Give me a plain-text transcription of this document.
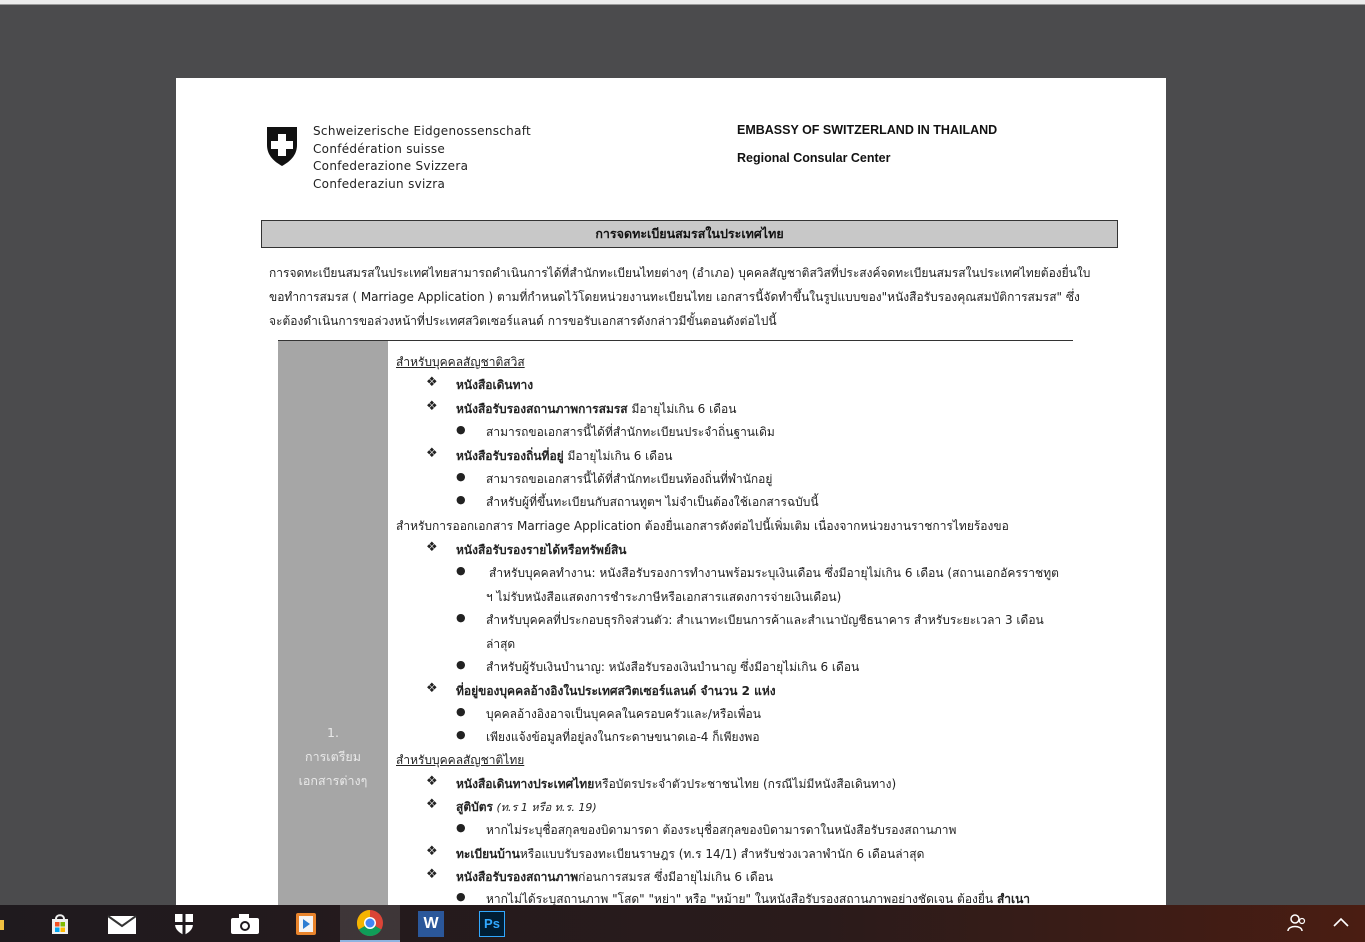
Schweizerische Eidgenossenschaft
Confédération suisse
Confederazione Svizzera
Confederaziun svizra
EMBASSY OF SWITZERLAND IN THAILAND
Regional Consular Center
การจดทะเบียนสมรสในประเทศไทย
การจดทะเบียนสมรสในประเทศไทยสามารถดำเนินการได้ที่สำนักทะเบียนไทยต่างๆ (อำเภอ) บุคคลสัญชาติสวิสที่ประสงค์จดทะเบียนสมรสในประเทศไทยต้องยื่นใบ
ขอทำการสมรส ( Marriage Application ) ตามที่กำหนดไว้โดยหน่วยงานทะเบียนไทย เอกสารนี้จัดทำขึ้นในรูปแบบของ"หนังสือรับรองคุณสมบัติการสมรส" ซึ่ง
จะต้องดำเนินการขอล่วงหน้าที่ประเทศสวิตเซอร์แลนด์ การขอรับเอกสารดังกล่าวมีขั้นตอนดังต่อไปนี้
1.
การเตรียม
เอกสารต่างๆ
สำหรับบุคคลสัญชาติสวิส
❖ หนังสือเดินทาง
❖ หนังสือรับรองสถานภาพการสมรส มีอายุไม่เกิน 6 เดือน
● สามารถขอเอกสารนี้ได้ที่สำนักทะเบียนประจำถิ่นฐานเดิม
❖ หนังสือรับรองถิ่นที่อยู่ มีอายุไม่เกิน 6 เดือน
● สามารถขอเอกสารนี้ได้ที่สำนักทะเบียนท้องถิ่นที่พำนักอยู่
● สำหรับผู้ที่ขึ้นทะเบียนกับสถานทูตฯ ไม่จำเป็นต้องใช้เอกสารฉบับนี้
สำหรับการออกเอกสาร Marriage Application ต้องยื่นเอกสารดังต่อไปนี้เพิ่มเติม เนื่องจากหน่วยงานราชการไทยร้องขอ
❖ หนังสือรับรองรายได้หรือทรัพย์สิน
● สำหรับบุคคลทำงาน: หนังสือรับรองการทำงานพร้อมระบุเงินเดือน ซึ่งมีอายุไม่เกิน 6 เดือน (สถานเอกอัครราชทูต
ฯ ไม่รับหนังสือแสดงการชำระภาษีหรือเอกสารแสดงการจ่ายเงินเดือน)
● สำหรับบุคคลที่ประกอบธุรกิจส่วนตัว: สำเนาทะเบียนการค้าและสำเนาบัญชีธนาคาร สำหรับระยะเวลา 3 เดือน
ล่าสุด
● สำหรับผู้รับเงินบำนาญ: หนังสือรับรองเงินบำนาญ ซึ่งมีอายุไม่เกิน 6 เดือน
❖ ที่อยู่ของบุคคลอ้างอิงในประเทศสวิตเซอร์แลนด์ จำนวน 2 แห่ง
● บุคคลอ้างอิงอาจเป็นบุคคลในครอบครัวและ/หรือเพื่อน
● เพียงแจ้งข้อมูลที่อยู่ลงในกระดาษขนาดเอ-4 ก็เพียงพอ
สำหรับบุคคลสัญชาติไทย
❖ หนังสือเดินทางประเทศไทยหรือบัตรประจำตัวประชาชนไทย (กรณีไม่มีหนังสือเดินทาง)
❖ สูติบัตร (ท.ร 1 หรือ ท.ร. 19)
● หากไม่ระบุชื่อสกุลของบิดามารดา ต้องระบุชื่อสกุลของบิดามารดาในหนังสือรับรองสถานภาพ
❖ ทะเบียนบ้านหรือแบบรับรองทะเบียนราษฎร (ท.ร 14/1) สำหรับช่วงเวลาพำนัก 6 เดือนล่าสุด
❖ หนังสือรับรองสถานภาพก่อนการสมรส ซึ่งมีอายุไม่เกิน 6 เดือน
● หากไม่ได้ระบุสถานภาพ "โสด" "หย่า" หรือ "หม้าย" ในหนังสือรับรองสถานภาพอย่างชัดเจน ต้องยื่น สำเนา
W	Ps
